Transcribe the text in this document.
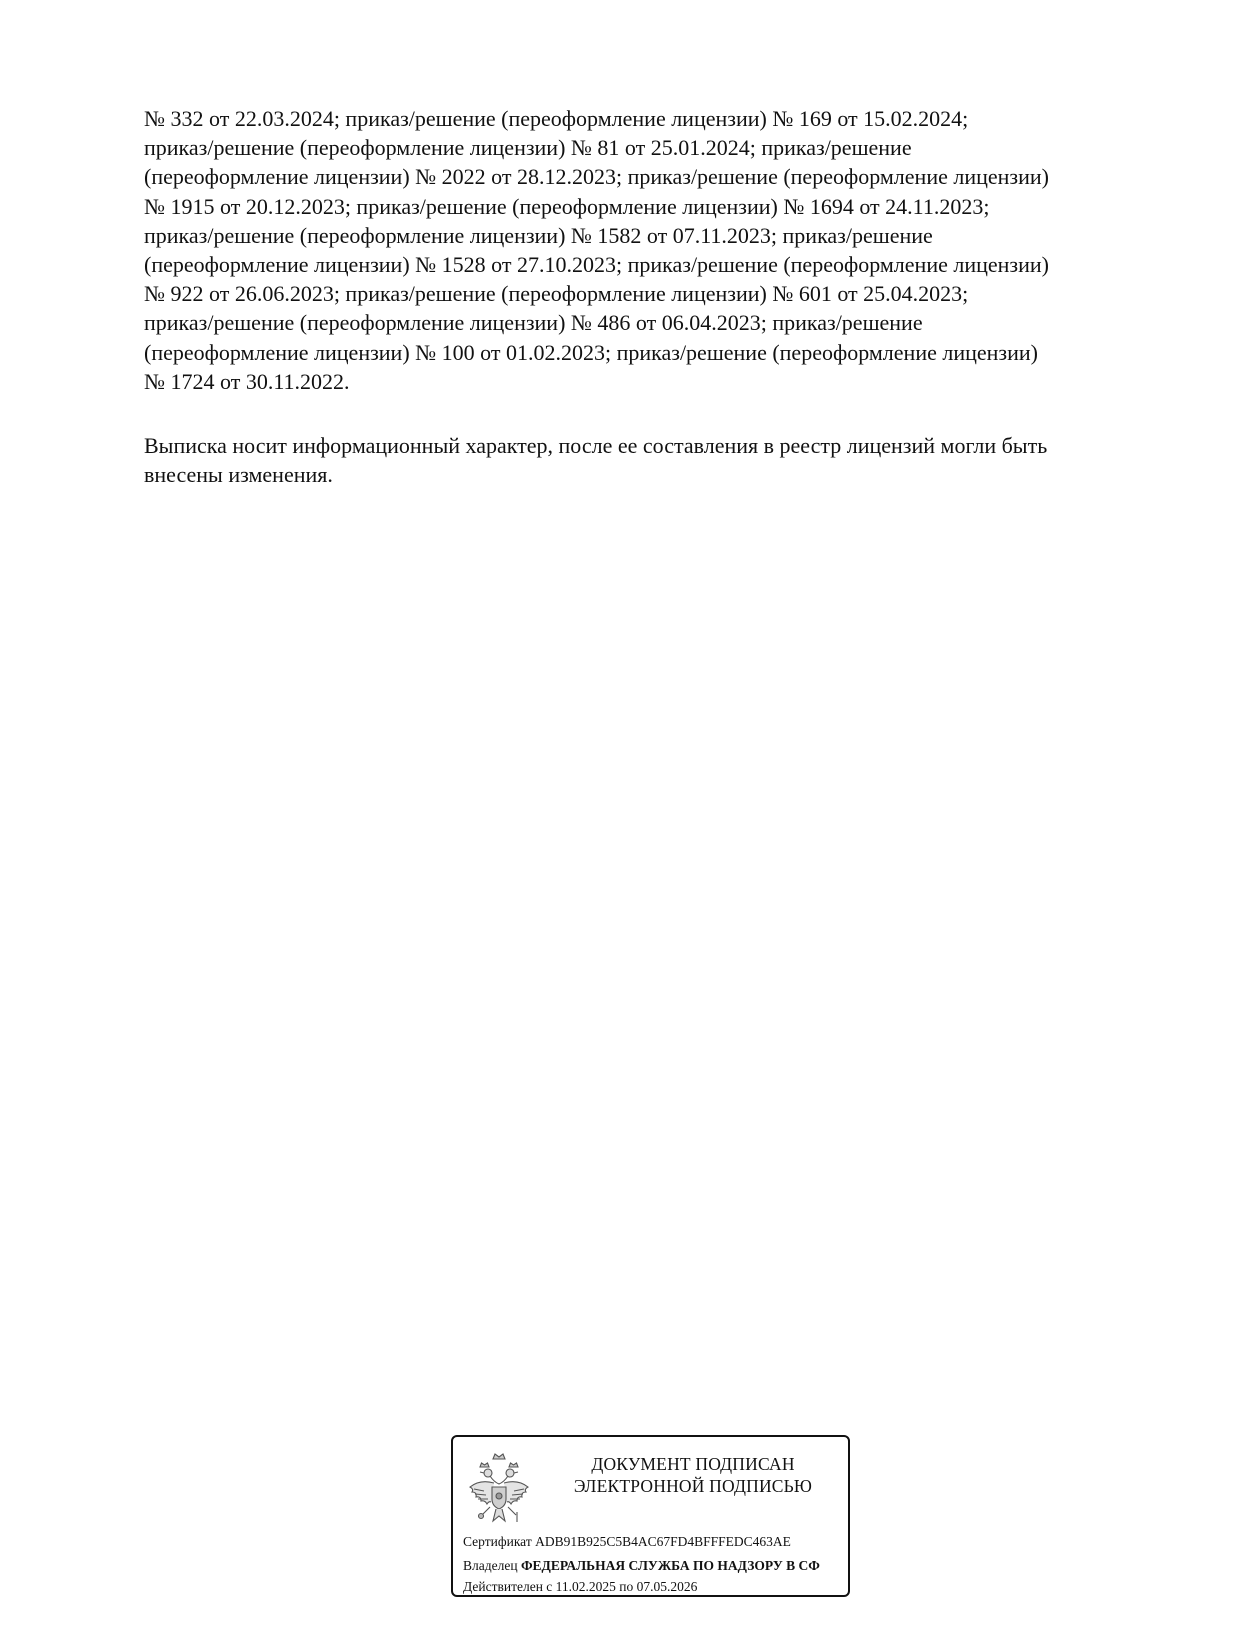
№ 332 от 22.03.2024; приказ/решение (переоформление лицензии) № 169 от 15.02.2024;
приказ/решение (переоформление лицензии) № 81 от 25.01.2024; приказ/решение
(переоформление лицензии) № 2022 от 28.12.2023; приказ/решение (переоформление лицензии)
№ 1915 от 20.12.2023; приказ/решение (переоформление лицензии) № 1694 от 24.11.2023;
приказ/решение (переоформление лицензии) № 1582 от 07.11.2023; приказ/решение
(переоформление лицензии) № 1528 от 27.10.2023; приказ/решение (переоформление лицензии)
№ 922 от 26.06.2023; приказ/решение (переоформление лицензии) № 601 от 25.04.2023;
приказ/решение (переоформление лицензии) № 486 от 06.04.2023; приказ/решение
(переоформление лицензии) № 100 от 01.02.2023; приказ/решение (переоформление лицензии)
№ 1724 от 30.11.2022.
Выписка носит информационный характер, после ее составления в реестр лицензий могли быть
внесены изменения.
ДОКУМЕНТ ПОДПИСАН
ЭЛЕКТРОННОЙ ПОДПИСЬЮ
Сертификат ADB91B925C5B4AC67FD4BFFFEDC463AE
Владелец ФЕДЕРАЛЬНАЯ СЛУЖБА ПО НАДЗОРУ В СФ
Действителен с 11.02.2025 по 07.05.2026
